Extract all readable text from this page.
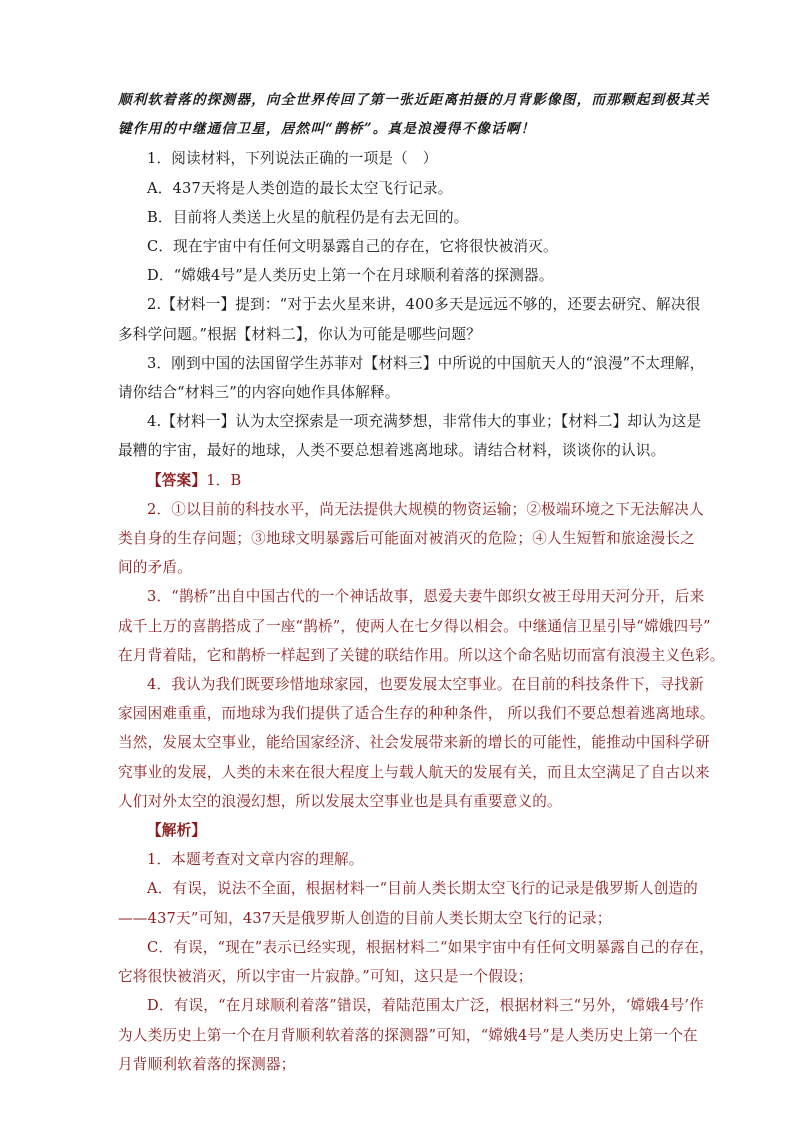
顺利软着落的探测器，向全世界传回了第一张近距离拍摄的月背影像图，而那颗起到极其关

键作用的中继通信卫星，居然叫“鹊桥”。真是浪漫得不像话啊！

1．阅读材料，下列说法正确的一项是（　）

A．437天将是人类创造的最长太空飞行记录。

B．目前将人类送上火星的航程仍是有去无回的。

C．现在宇宙中有任何文明暴露自己的存在，它将很快被消灭。

D．“嫦娥4号”是人类历史上第一个在月球顺利着落的探测器。

2.【材料一】提到：“对于去火星来讲，400多天是远远不够的，还要去研究、解决很

多科学问题。”根据【材料二】，你认为可能是哪些问题？

3．刚到中国的法国留学生苏菲对【材料三】中所说的中国航天人的“浪漫”不太理解，

请你结合“材料三”的内容向她作具体解释。

4.【材料一】认为太空探索是一项充满梦想，非常伟大的事业；【材料二】却认为这是

最糟的宇宙，最好的地球，人类不要总想着逃离地球。请结合材料，谈谈你的认识。

【答案】1．B

2．①以目前的科技水平，尚无法提供大规模的物资运输；②极端环境之下无法解决人

类自身的生存问题；③地球文明暴露后可能面对被消灭的危险；④人生短暂和旅途漫长之

间的矛盾。

3．“鹊桥”出自中国古代的一个神话故事，恩爱夫妻牛郎织女被王母用天河分开，后来

成千上万的喜鹊搭成了一座“鹊桥”，使两人在七夕得以相会。中继通信卫星引导“嫦娥四号”

在月背着陆，它和鹊桥一样起到了关键的联结作用。所以这个命名贴切而富有浪漫主义色彩。

4．我认为我们既要珍惜地球家园，也要发展太空事业。在目前的科技条件下，寻找新

家园困难重重，而地球为我们提供了适合生存的种种条件， 所以我们不要总想着逃离地球。

当然，发展太空事业，能给国家经济、社会发展带来新的增长的可能性，能推动中国科学研

究事业的发展，人类的未来在很大程度上与载人航天的发展有关，而且太空满足了自古以来

人们对外太空的浪漫幻想，所以发展太空事业也是具有重要意义的。

【解析】

1．本题考查对文章内容的理解。

A．有误，说法不全面，根据材料一“目前人类长期太空飞行的记录是俄罗斯人创造的

——437天”可知，437天是俄罗斯人创造的目前人类长期太空飞行的记录；

C．有误，“现在”表示已经实现，根据材料二“如果宇宙中有任何文明暴露自己的存在，

它将很快被消灭，所以宇宙一片寂静。”可知，这只是一个假设；

D．有误，“在月球顺利着落”错误，着陆范围太广泛，根据材料三“另外，‘嫦娥4号’作

为人类历史上第一个在月背顺利软着落的探测器”可知，“嫦娥4号”是人类历史上第一个在

月背顺利软着落的探测器；
